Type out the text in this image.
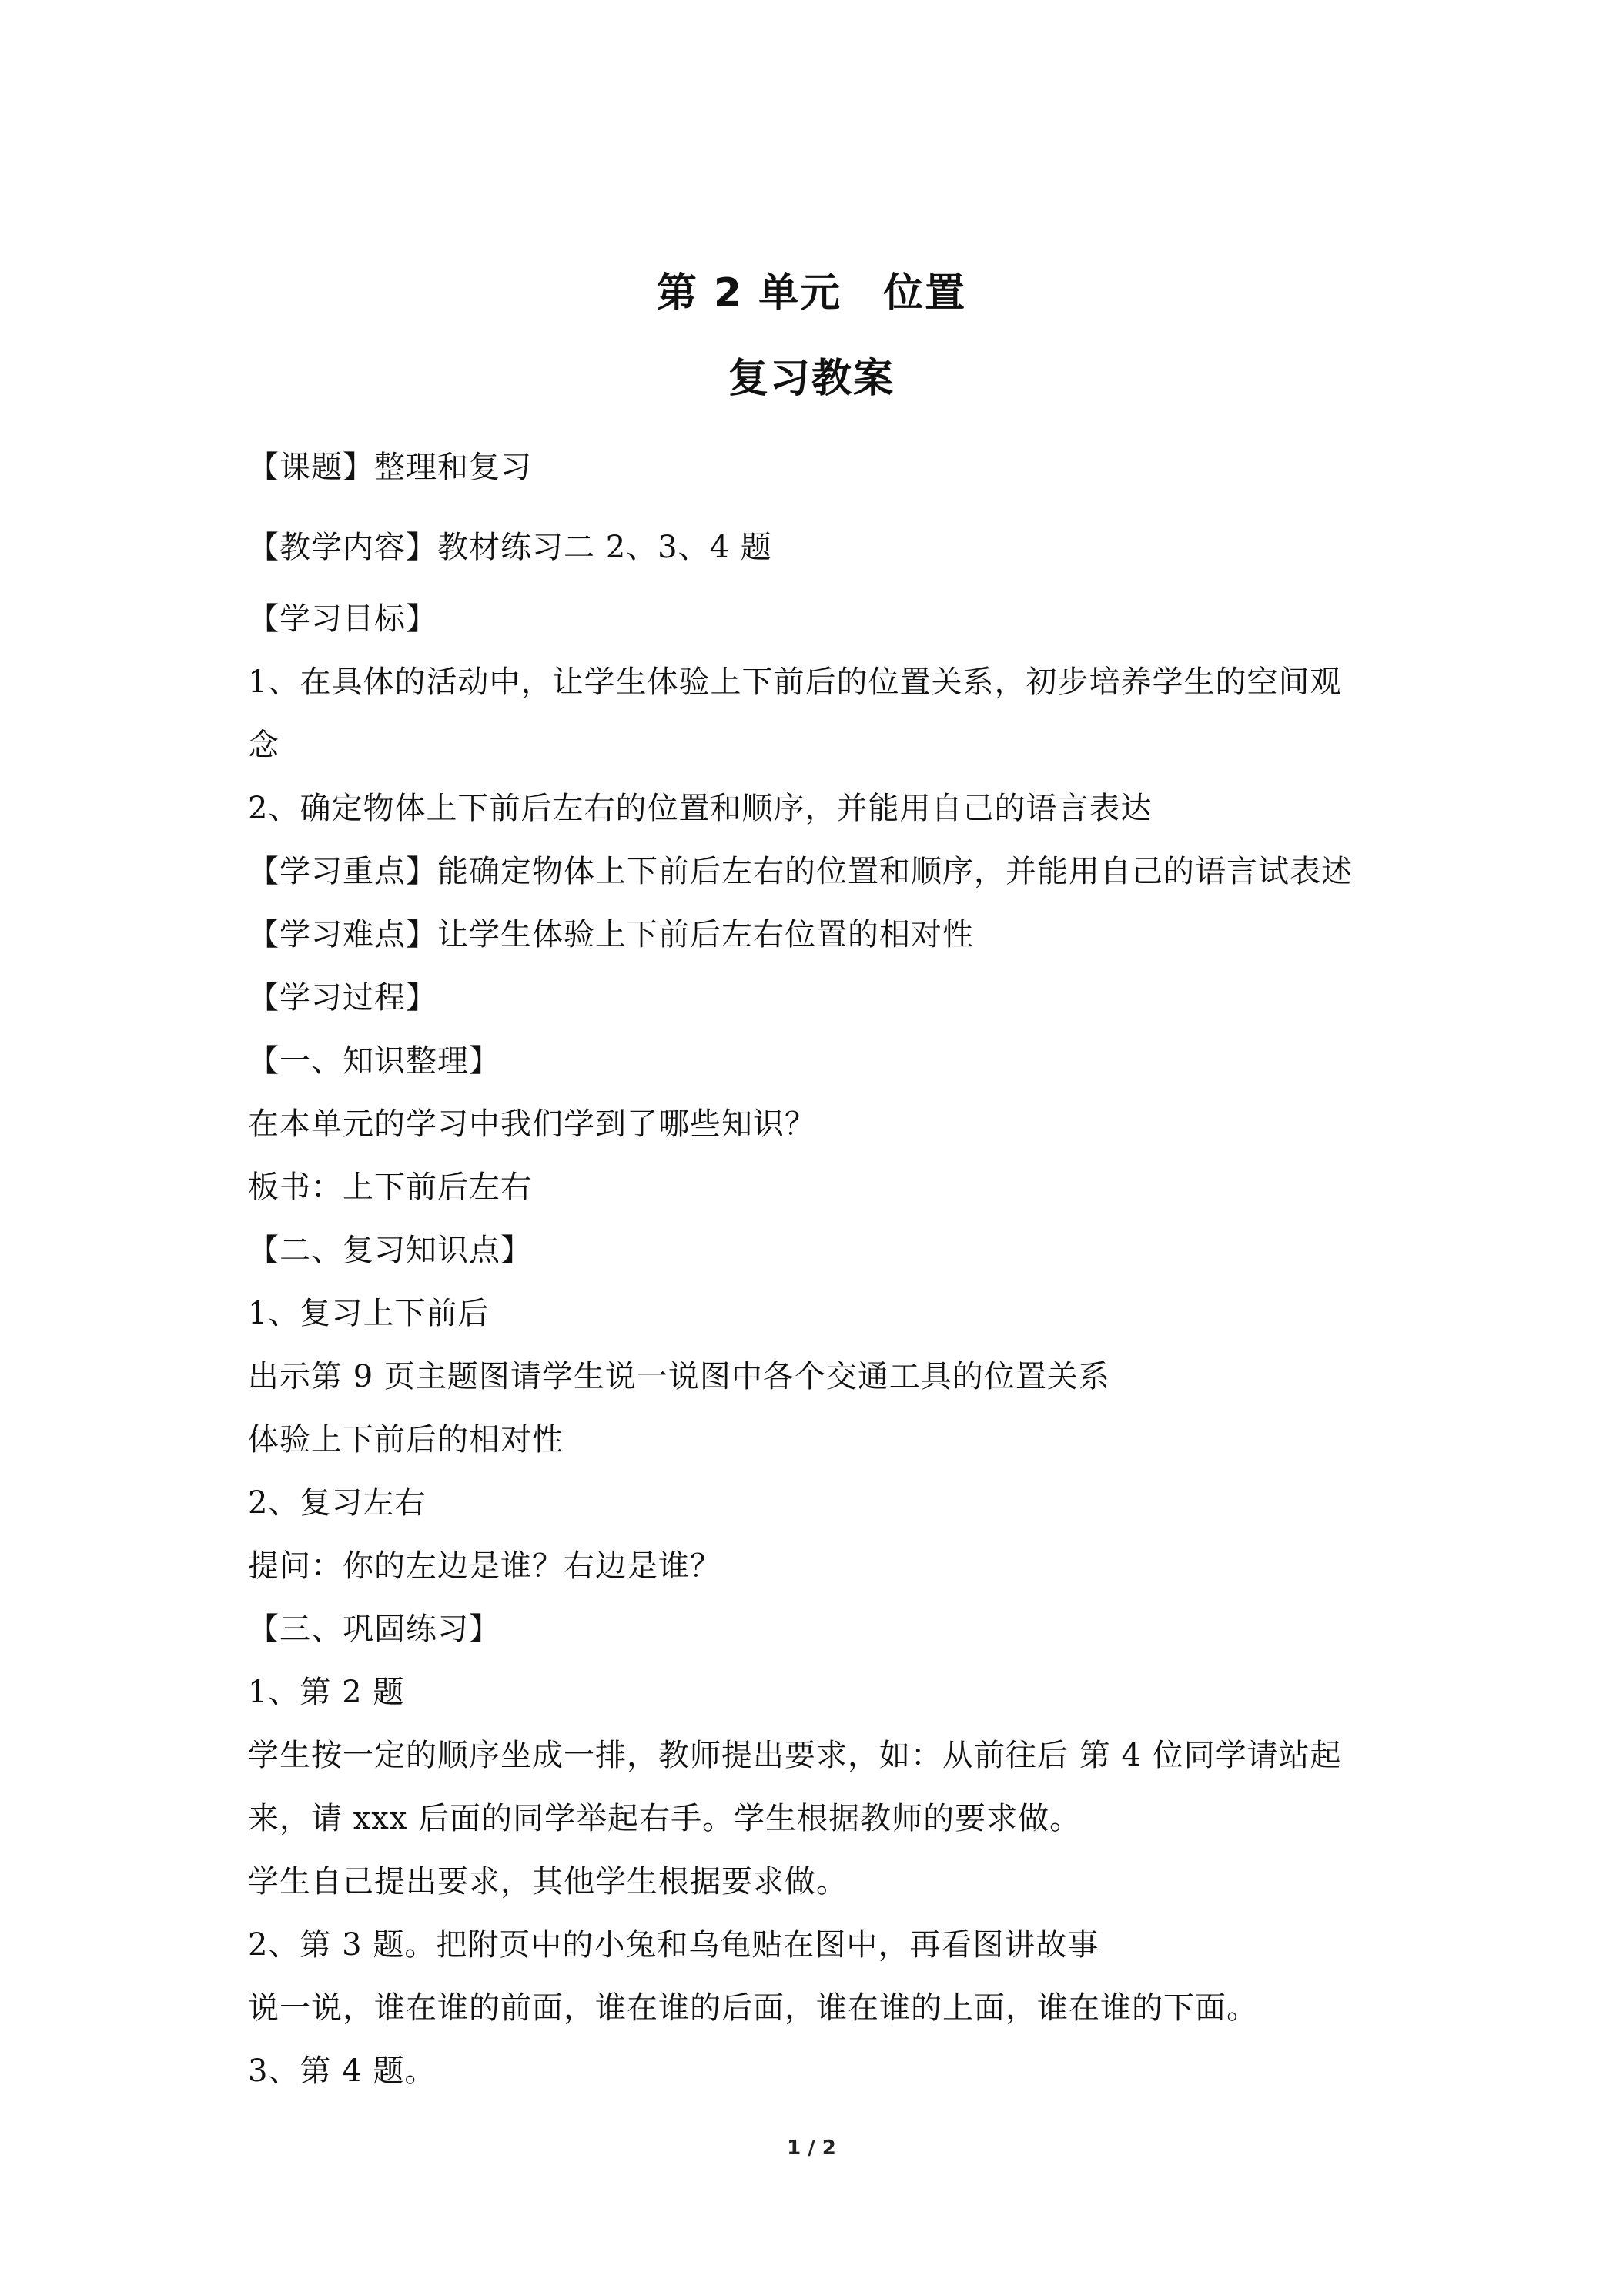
第 2 单元　位置
复习教案
【课题】整理和复习
【教学内容】教材练习二 2、3、4 题
【学习目标】
1、在具体的活动中，让学生体验上下前后的位置关系，初步培养学生的空间观
念
2、确定物体上下前后左右的位置和顺序，并能用自己的语言表达
【学习重点】能确定物体上下前后左右的位置和顺序，并能用自己的语言试表述
【学习难点】让学生体验上下前后左右位置的相对性
【学习过程】
【一、知识整理】
在本单元的学习中我们学到了哪些知识？
板书：上下前后左右
【二、复习知识点】
1、复习上下前后
出示第 9 页主题图请学生说一说图中各个交通工具的位置关系
体验上下前后的相对性
2、复习左右
提问：你的左边是谁？右边是谁？
【三、巩固练习】
1、第 2 题
学生按一定的顺序坐成一排，教师提出要求，如：从前往后 第 4 位同学请站起
来，请 xxx 后面的同学举起右手。学生根据教师的要求做。
学生自己提出要求，其他学生根据要求做。
2、第 3 题。把附页中的小兔和乌龟贴在图中，再看图讲故事
说一说，谁在谁的前面，谁在谁的后面，谁在谁的上面，谁在谁的下面。
3、第 4 题。
1 / 2
